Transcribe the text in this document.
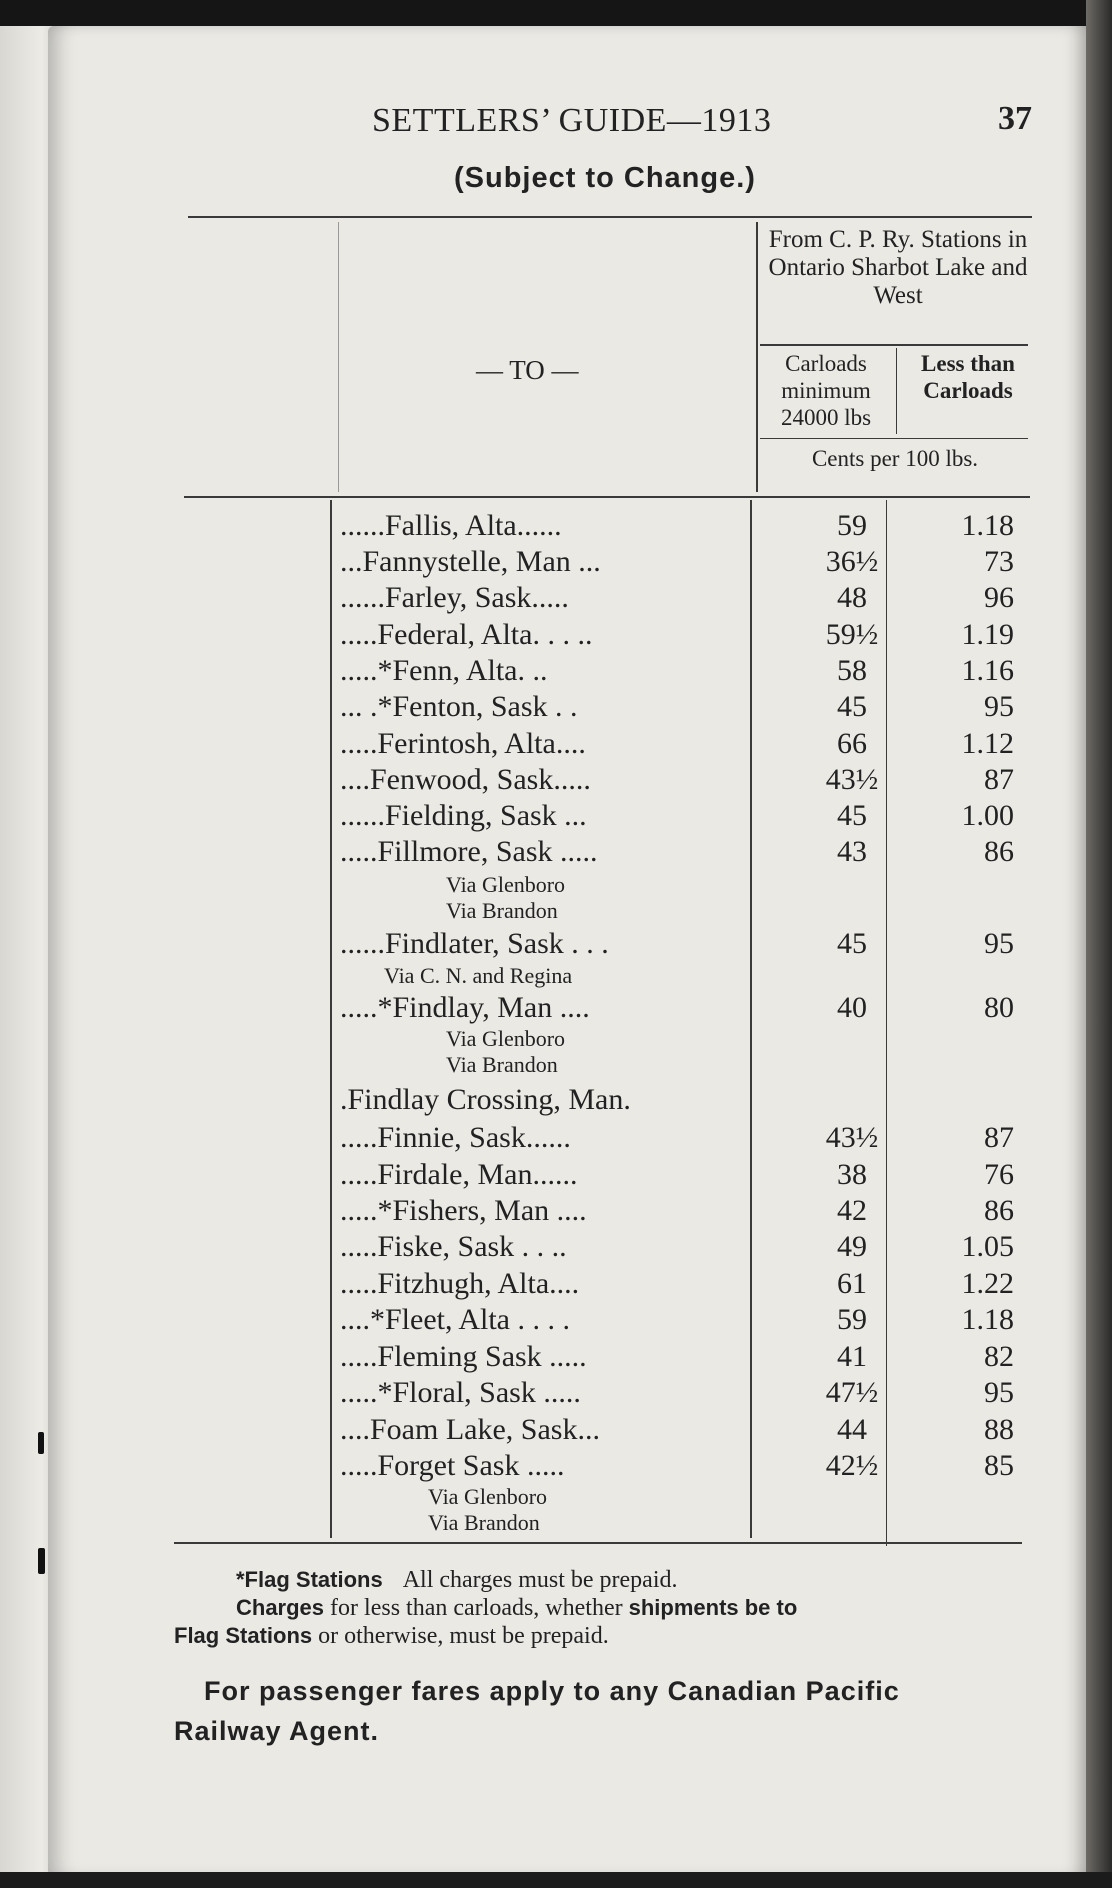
SETTLERS’ GUIDE—1913	37
(Subject to Change.)
— TO —
From C. P. Ry. Stations in Ontario Sharbot Lake and West
Carloads minimum 24000 lbs
Less than Carloads
Cents per 100 lbs.
......Fallis, Alta......	59	1.18
...Fannystelle, Man ...	36½	73
......Farley, Sask.....	48	96
.....Federal, Alta. . . ..	59½	1.19
.....*Fenn, Alta. ..	58	1.16
... .*Fenton, Sask . .	45	95
.....Ferintosh, Alta....	66	1.12
....Fenwood, Sask.....	43½	87
......Fielding, Sask ...	45	1.00
.....Fillmore, Sask .....	43	86
Via Glenboro
Via Brandon
......Findlater, Sask . . .	45	95
Via C. N. and Regina
.....*Findlay, Man ....	40	80
Via Glenboro
Via Brandon
.Findlay Crossing, Man.
.....Finnie, Sask......	43½	87
.....Firdale, Man......	38	76
.....*Fishers, Man ....	42	86
.....Fiske, Sask . . ..	49	1.05
.....Fitzhugh, Alta....	61	1.22
....*Fleet, Alta . . . .	59	1.18
.....Fleming Sask .....	41	82
.....*Floral, Sask .....	47½	95
....Foam Lake, Sask...	44	88
.....Forget Sask .....	42½	85
Via Glenboro
Via Brandon
*Flag Stations All charges must be prepaid.
Charges for less than carloads, whether shipments be to
Flag Stations or otherwise, must be prepaid.
For passenger fares apply to any Canadian Pacific
Railway Agent.
